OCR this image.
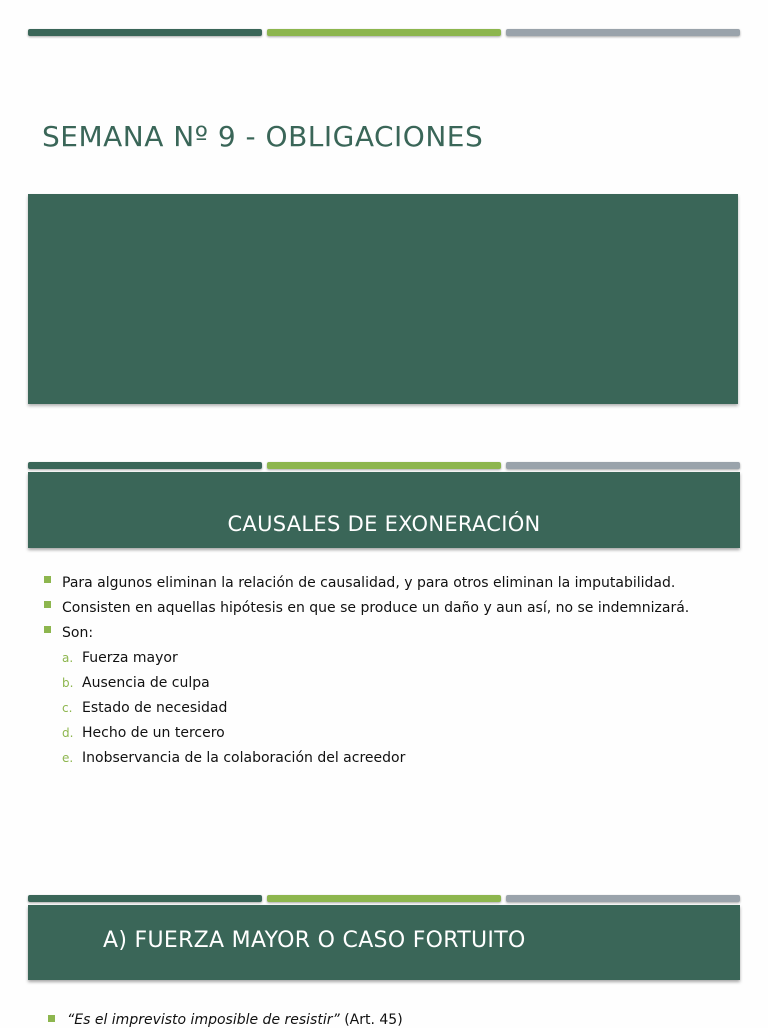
SEMANA Nº 9 - OBLIGACIONES
CAUSALES DE EXONERACIÓN
Para algunos eliminan la relación de causalidad, y para otros eliminan la imputabilidad.
Consisten en aquellas hipótesis en que se produce un daño y aun así, no se indemnizará.
Son:
a. Fuerza mayor
b. Ausencia de culpa
c. Estado de necesidad
d. Hecho de un tercero
e. Inobservancia de la colaboración del acreedor
A) FUERZA MAYOR O CASO FORTUITO
“Es el imprevisto imposible de resistir” (Art. 45)
